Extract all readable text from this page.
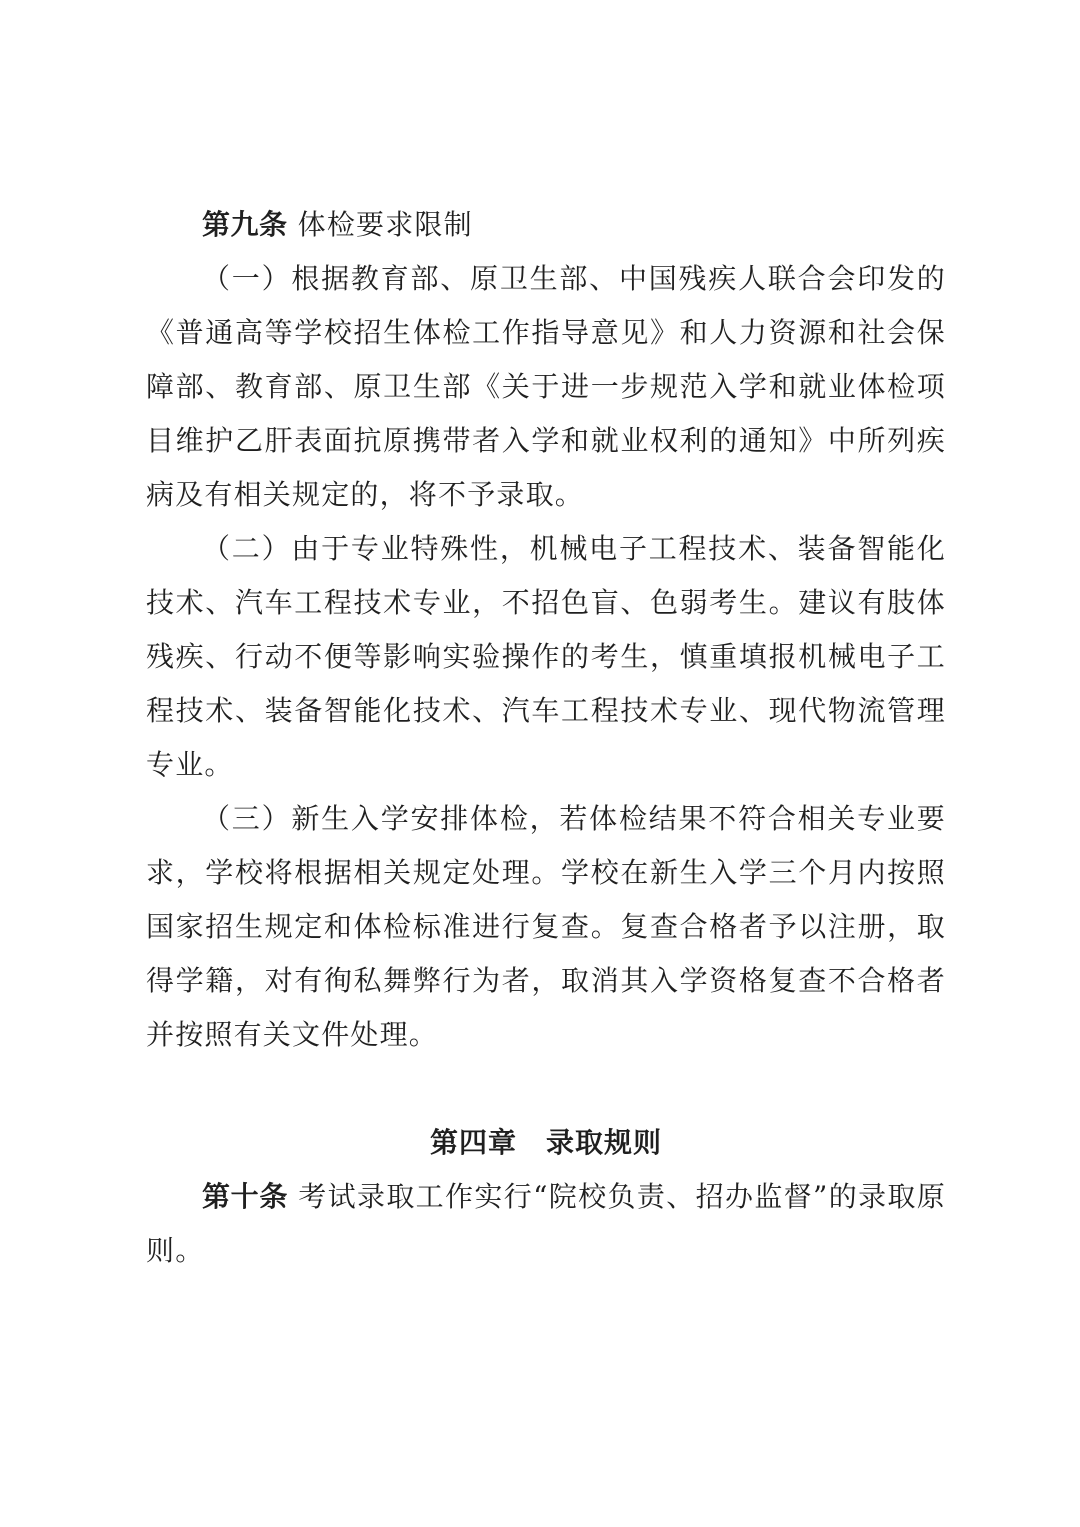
第九条 体检要求限制

（一）根据教育部、原卫生部、中国残疾人联合会印发的《普通高等学校招生体检工作指导意见》和人力资源和社会保障部、教育部、原卫生部《关于进一步规范入学和就业体检项目维护乙肝表面抗原携带者入学和就业权利的通知》中所列疾病及有相关规定的，将不予录取。

（二）由于专业特殊性，机械电子工程技术、装备智能化技术、汽车工程技术专业，不招色盲、色弱考生。建议有肢体残疾、行动不便等影响实验操作的考生，慎重填报机械电子工程技术、装备智能化技术、汽车工程技术专业、现代物流管理专业。

（三）新生入学安排体检，若体检结果不符合相关专业要求，学校将根据相关规定处理。学校在新生入学三个月内按照国家招生规定和体检标准进行复查。复查合格者予以注册，取得学籍，对有徇私舞弊行为者，取消其入学资格复查不合格者并按照有关文件处理。

第四章　录取规则

第十条 考试录取工作实行“院校负责、招办监督”的录取原则。
